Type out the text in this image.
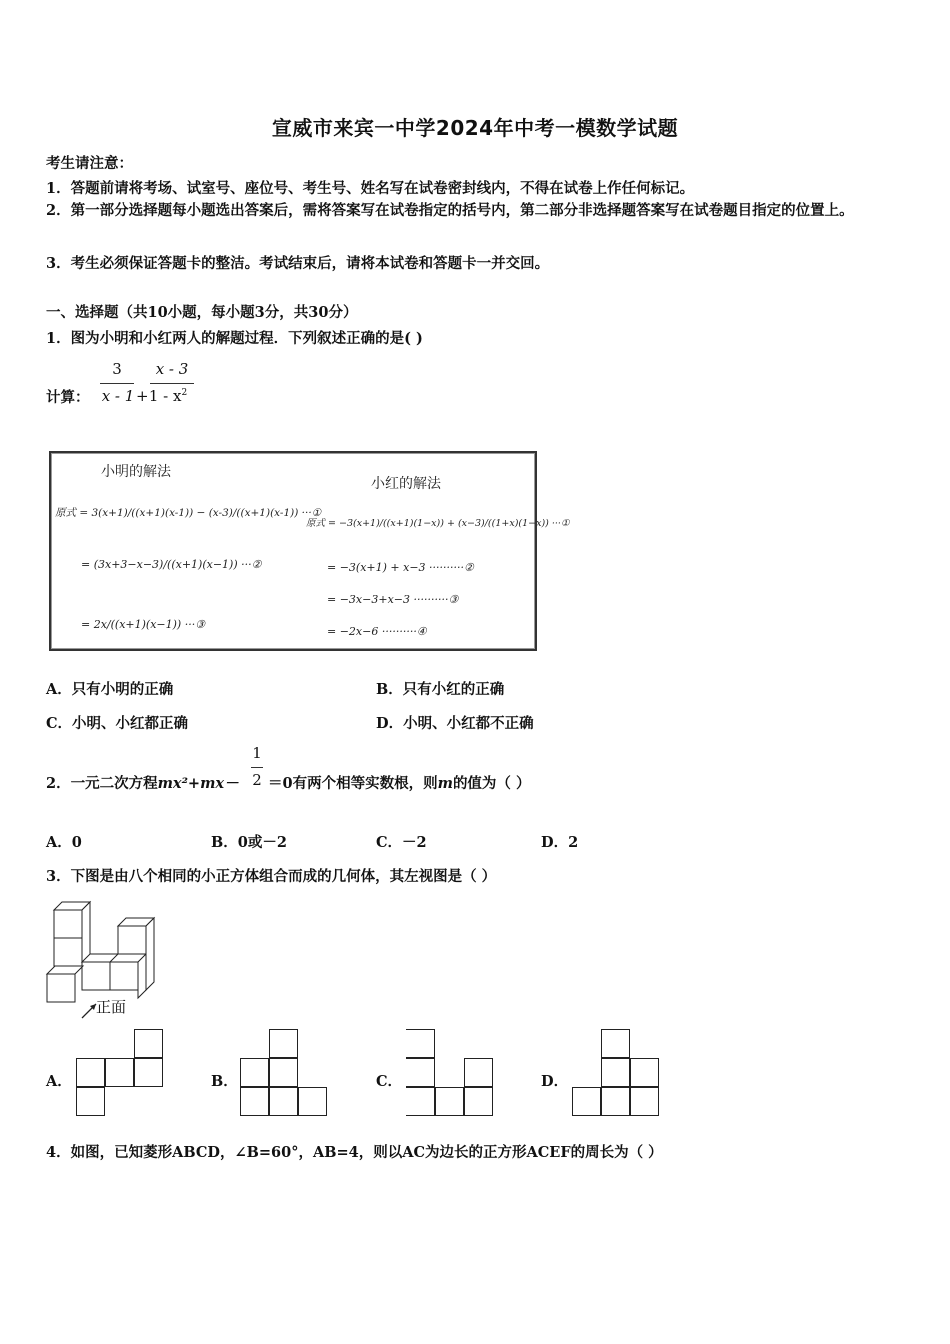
宣威市来宾一中学2024年中考一模数学试题
考生请注意：
1．答题前请将考场、试室号、座位号、考生号、姓名写在试卷密封线内，不得在试卷上作任何标记。
2．第一部分选择题每小题选出答案后，需将答案写在试卷指定的括号内，第二部分非选择题答案写在试卷题目指定的位置上。
3．考生必须保证答题卡的整洁。考试结束后，请将本试卷和答题卡一并交回。
一、选择题（共10小题，每小题3分，共30分）
1．图为小明和小红两人的解题过程．下列叙述正确的是( )
计算：
3
x - 1 +
x - 3
$1 - x^2$
小明的解法
小红的解法
原式 = 3(x+1)/((x+1)(x-1)) − (x-3)/((x+1)(x-1)) ···①
= (3x+3−x−3)/((x+1)(x−1)) ···②
= 2x/((x+1)(x−1)) ···③
原式 = −3(x+1)/((x+1)(1−x)) + (x−3)/((1+x)(1−x)) ···①
= −3(x+1) + x−3 ··········②
= −3x−3+x−3 ··········③
= −2x−6 ··········④
A．只有小明的正确	B．只有小红的正确
C．小明、小红都正确	D．小明、小红都不正确
2．一元二次方程mx²+mx－
1
2 ＝0有两个相等实数根，则m的值为（ ）
A．0	B．0或－2	C．－2	D．2
3．下图是由八个相同的小正方体组合而成的几何体，其左视图是（ ）
正面
A．	B．	C．	D．
4．如图，已知菱形ABCD，∠B=60°，AB=4，则以AC为边长的正方形ACEF的周长为（ ）
